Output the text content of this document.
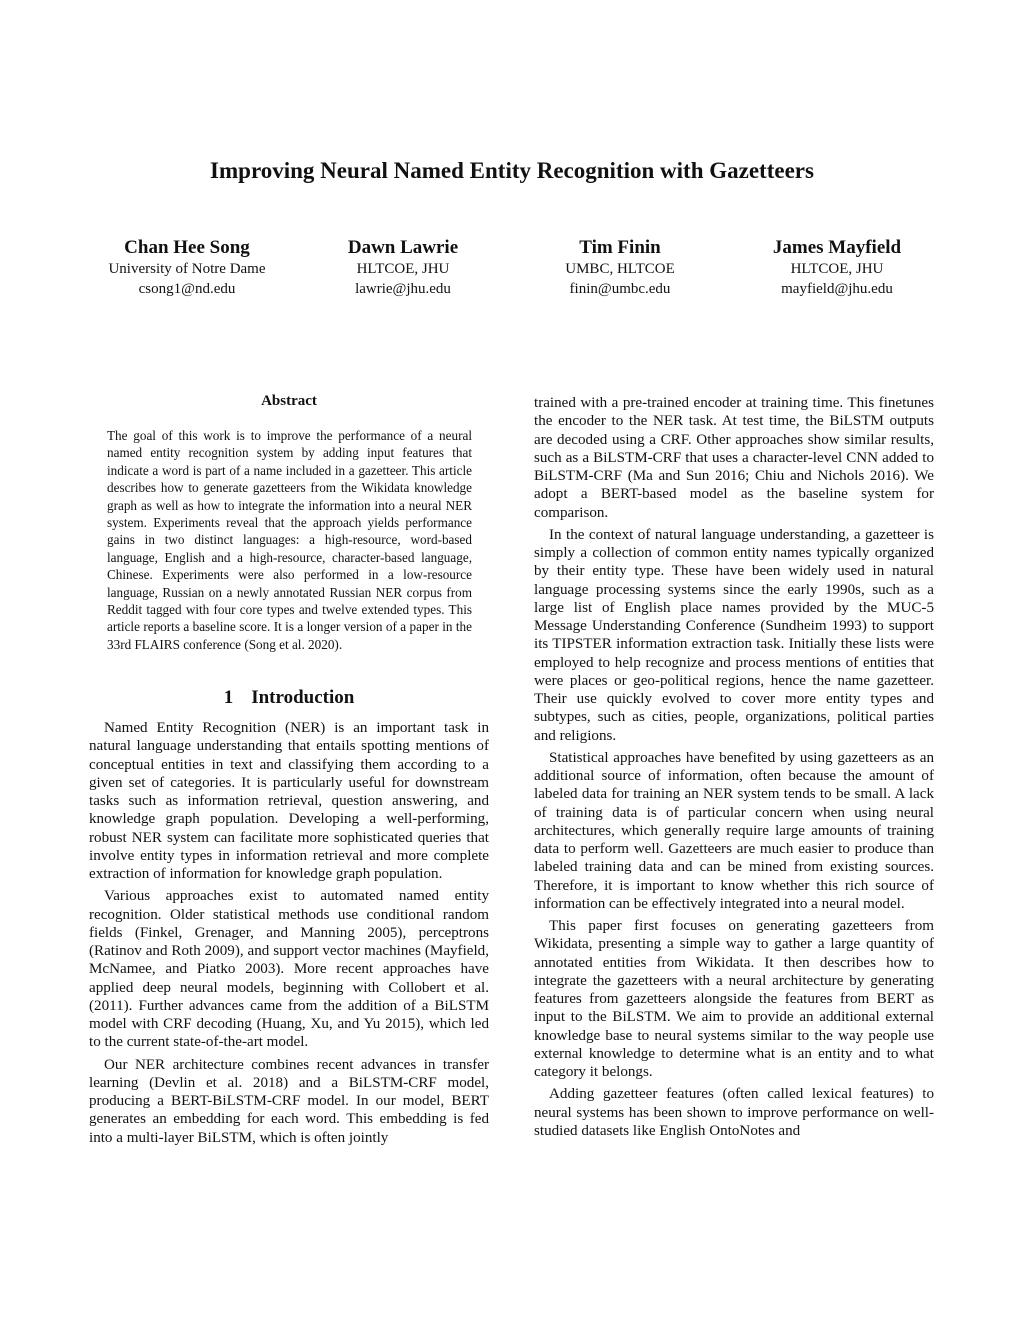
Improving Neural Named Entity Recognition with Gazetteers
Chan Hee Song
University of Notre Dame
csong1@nd.edu
Dawn Lawrie
HLTCOE, JHU
lawrie@jhu.edu
Tim Finin
UMBC, HLTCOE
finin@umbc.edu
James Mayfield
HLTCOE, JHU
mayfield@jhu.edu
Abstract

The goal of this work is to improve the performance of a neural named entity recognition system by adding input features that indicate a word is part of a name included in a gazetteer. This article describes how to generate gazetteers from the Wikidata knowledge graph as well as how to integrate the information into a neural NER system. Experiments reveal that the approach yields performance gains in two distinct languages: a high-resource, word-based language, English and a high-resource, character-based language, Chinese. Experiments were also performed in a low-resource language, Russian on a newly annotated Russian NER corpus from Reddit tagged with four core types and twelve extended types. This article reports a baseline score. It is a longer version of a paper in the 33rd FLAIRS conference (Song et al. 2020).

1 Introduction

Named Entity Recognition (NER) is an important task in natural language understanding that entails spotting mentions of conceptual entities in text and classifying them according to a given set of categories. It is particularly useful for downstream tasks such as information retrieval, question answering, and knowledge graph population. Developing a well-performing, robust NER system can facilitate more sophisticated queries that involve entity types in information retrieval and more complete extraction of information for knowledge graph population.

Various approaches exist to automated named entity recognition. Older statistical methods use conditional random fields (Finkel, Grenager, and Manning 2005), perceptrons (Ratinov and Roth 2009), and support vector machines (Mayfield, McNamee, and Piatko 2003). More recent approaches have applied deep neural models, beginning with Collobert et al. (2011). Further advances came from the addition of a BiLSTM model with CRF decoding (Huang, Xu, and Yu 2015), which led to the current state-of-the-art model.

Our NER architecture combines recent advances in transfer learning (Devlin et al. 2018) and a BiLSTM-CRF model, producing a BERT-BiLSTM-CRF model. In our model, BERT generates an embedding for each word. This embedding is fed into a multi-layer BiLSTM, which is often jointly

trained with a pre-trained encoder at training time. This finetunes the encoder to the NER task. At test time, the BiLSTM outputs are decoded using a CRF. Other approaches show similar results, such as a BiLSTM-CRF that uses a character-level CNN added to BiLSTM-CRF (Ma and Sun 2016; Chiu and Nichols 2016). We adopt a BERT-based model as the baseline system for comparison.

In the context of natural language understanding, a gazetteer is simply a collection of common entity names typically organized by their entity type. These have been widely used in natural language processing systems since the early 1990s, such as a large list of English place names provided by the MUC-5 Message Understanding Conference (Sundheim 1993) to support its TIPSTER information extraction task. Initially these lists were employed to help recognize and process mentions of entities that were places or geo-political regions, hence the name gazetteer. Their use quickly evolved to cover more entity types and subtypes, such as cities, people, organizations, political parties and religions.

Statistical approaches have benefited by using gazetteers as an additional source of information, often because the amount of labeled data for training an NER system tends to be small. A lack of training data is of particular concern when using neural architectures, which generally require large amounts of training data to perform well. Gazetteers are much easier to produce than labeled training data and can be mined from existing sources. Therefore, it is important to know whether this rich source of information can be effectively integrated into a neural model.

This paper first focuses on generating gazetteers from Wikidata, presenting a simple way to gather a large quantity of annotated entities from Wikidata. It then describes how to integrate the gazetteers with a neural architecture by generating features from gazetteers alongside the features from BERT as input to the BiLSTM. We aim to provide an additional external knowledge base to neural systems similar to the way people use external knowledge to determine what is an entity and to what category it belongs.

Adding gazetteer features (often called lexical features) to neural systems has been shown to improve performance on well-studied datasets like English OntoNotes and
